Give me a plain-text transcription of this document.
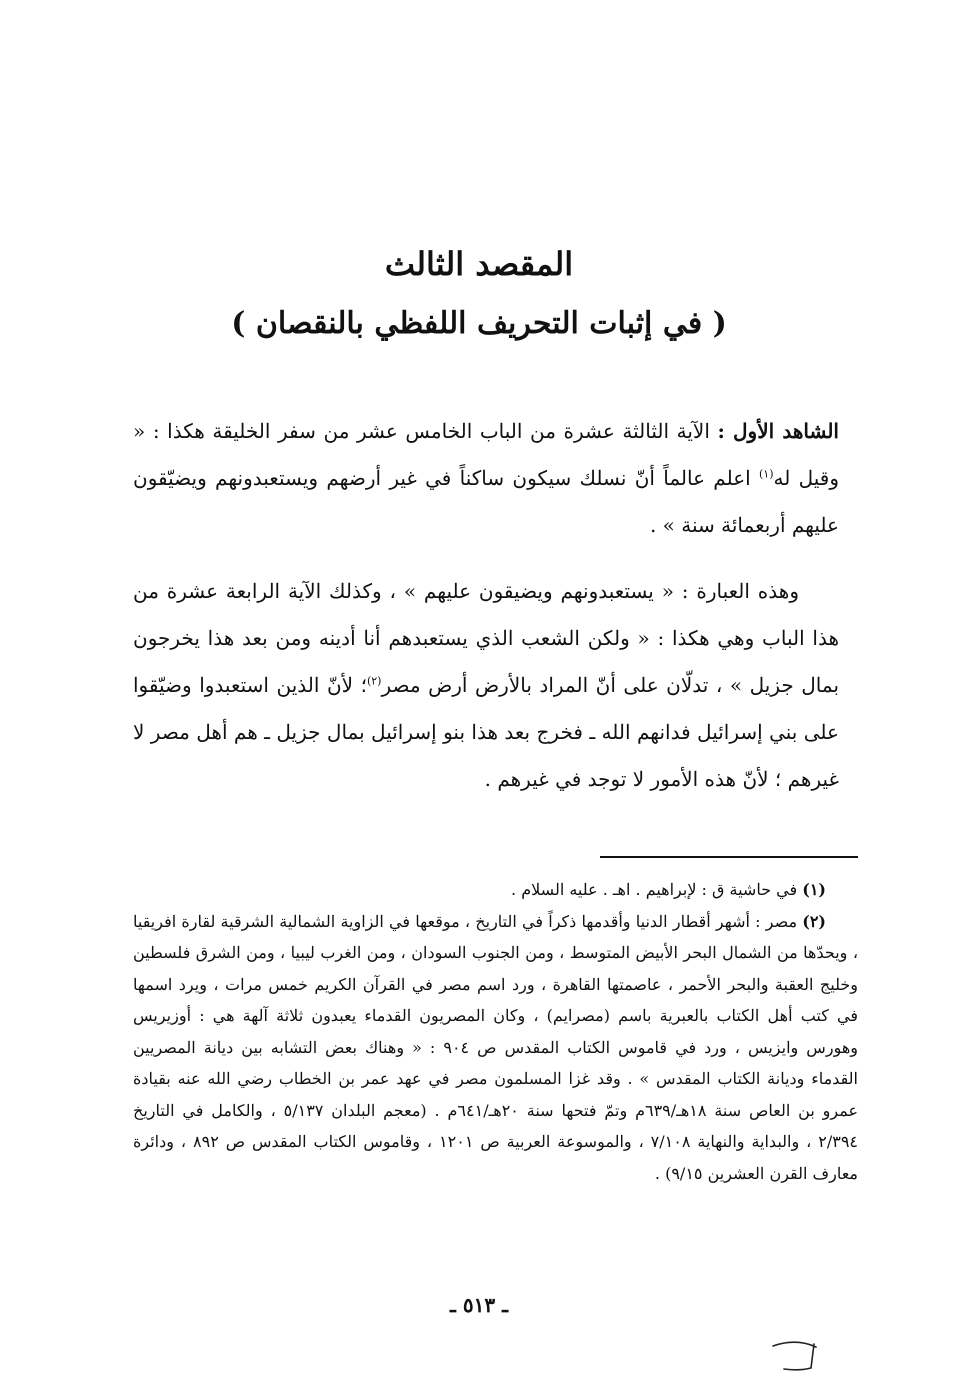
المقصد الثالث
( في إثبات التحريف اللفظي بالنقصان )

الشاهد الأول : الآية الثالثة عشرة من الباب الخامس عشر من سفر الخليقة هكذا : « وقيل له$^{(١)}$ اعلم عالماً أنّ نسلك سيكون ساكناً في غير أرضهم ويستعبدونهم ويضيّقون عليهم أربعمائة سنة » .

وهذه العبارة : « يستعبدونهم ويضيقون عليهم » ، وكذلك الآية الرابعة عشرة من هذا الباب وهي هكذا : « ولكن الشعب الذي يستعبدهم أنا أدينه ومن بعد هذا يخرجون بمال جزيل » ، تدلّان على أنّ المراد بالأرض أرض مصر$^{(٢)}$؛ لأنّ الذين استعبدوا وضيّقوا على بني إسرائيل فدانهم الله ـ فخرج بعد هذا بنو إسرائيل بمال جزيل ـ هم أهل مصر لا غيرهم ؛ لأنّ هذه الأمور لا توجد في غيرهم .

(١) في حاشية ق : لإبراهيم . اهـ . عليه السلام .

(٢) مصر : أشهر أقطار الدنيا وأقدمها ذكراً في التاريخ ، موقعها في الزاوية الشمالية الشرقية لقارة افريقيا ، ويحدّها من الشمال البحر الأبيض المتوسط ، ومن الجنوب السودان ، ومن الغرب ليبيا ، ومن الشرق فلسطين وخليج العقبة والبحر الأحمر ، عاصمتها القاهرة ، ورد اسم مصر في القرآن الكريم خمس مرات ، ويرد اسمها في كتب أهل الكتاب بالعبرية باسم (مصرايم) ، وكان المصريون القدماء يعبدون ثلاثة آلهة هي : أوزيريس وهورس وايزيس ، ورد في قاموس الكتاب المقدس ص ٩٠٤ : « وهناك بعض التشابه بين ديانة المصريين القدماء وديانة الكتاب المقدس » . وقد غزا المسلمون مصر في عهد عمر بن الخطاب رضي الله عنه بقيادة عمرو بن العاص سنة ١٨هـ/٦٣٩م وتمّ فتحها سنة ٢٠هـ/٦٤١م . (معجم البلدان ٥/١٣٧ ، والكامل في التاريخ ٢/٣٩٤ ، والبداية والنهاية ٧/١٠٨ ، والموسوعة العربية ص ١٢٠١ ، وقاموس الكتاب المقدس ص ٨٩٢ ، ودائرة معارف القرن العشرين ٩/١٥) .

ـ ٥١٣ ـ
